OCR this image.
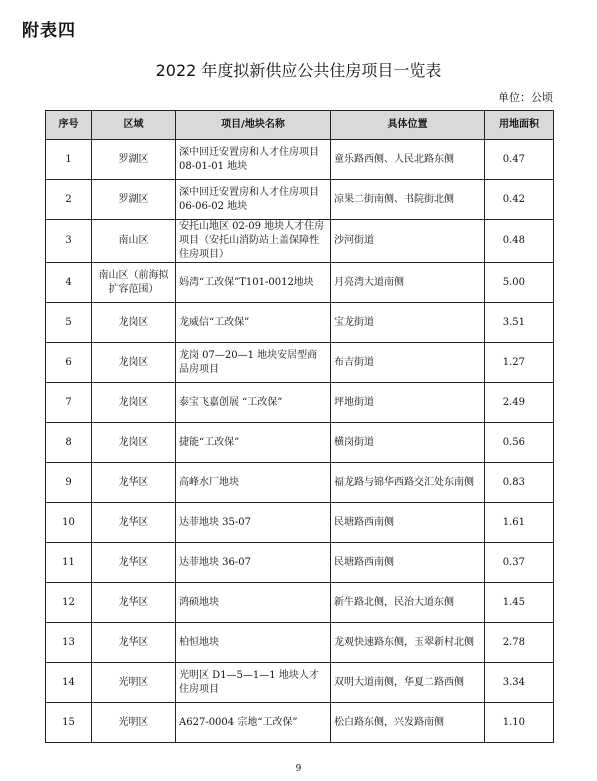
附表四
2022 年度拟新供应公共住房项目一览表
单位：公顷
序号	区域	项目/地块名称	具体位置	用地面积
1	罗湖区	深中回迁安置房和人才住房项目 08-01-01 地块	童乐路西侧、人民北路东侧	0.47
2	罗湖区	深中回迁安置房和人才住房项目 06-06-02 地块	凉果二街南侧、书院街北侧	0.42
3	南山区	安托山地区 02-09 地块人才住房项目（安托山消防站上盖保障性住房项目）	沙河街道	0.48
4	南山区（前海拟扩容范围）	妈湾“工改保”T101-0012地块	月亮湾大道南侧	5.00
5	龙岗区	龙威信“工改保”	宝龙街道	3.51
6	龙岗区	龙岗 07—20—1 地块安居型商品房项目	布吉街道	1.27
7	龙岗区	泰宝飞嘉创展 “工改保”	坪地街道	2.49
8	龙岗区	捷能“工改保”	横岗街道	0.56
9	龙华区	高峰水厂地块	福龙路与锦华西路交汇处东南侧	0.83
10	龙华区	达菲地块 35-07	民塘路西南侧	1.61
11	龙华区	达菲地块 36-07	民塘路西南侧	0.37
12	龙华区	鸿硕地块	新牛路北侧，民治大道东侧	1.45
13	龙华区	柏恒地块	龙观快速路东侧，玉翠新村北侧	2.78
14	光明区	光明区 D1—5—1—1 地块人才住房项目	双明大道南侧，华夏二路西侧	3.34
15	光明区	A627-0004 宗地“工改保”	松白路东侧，兴发路南侧	1.10
9
